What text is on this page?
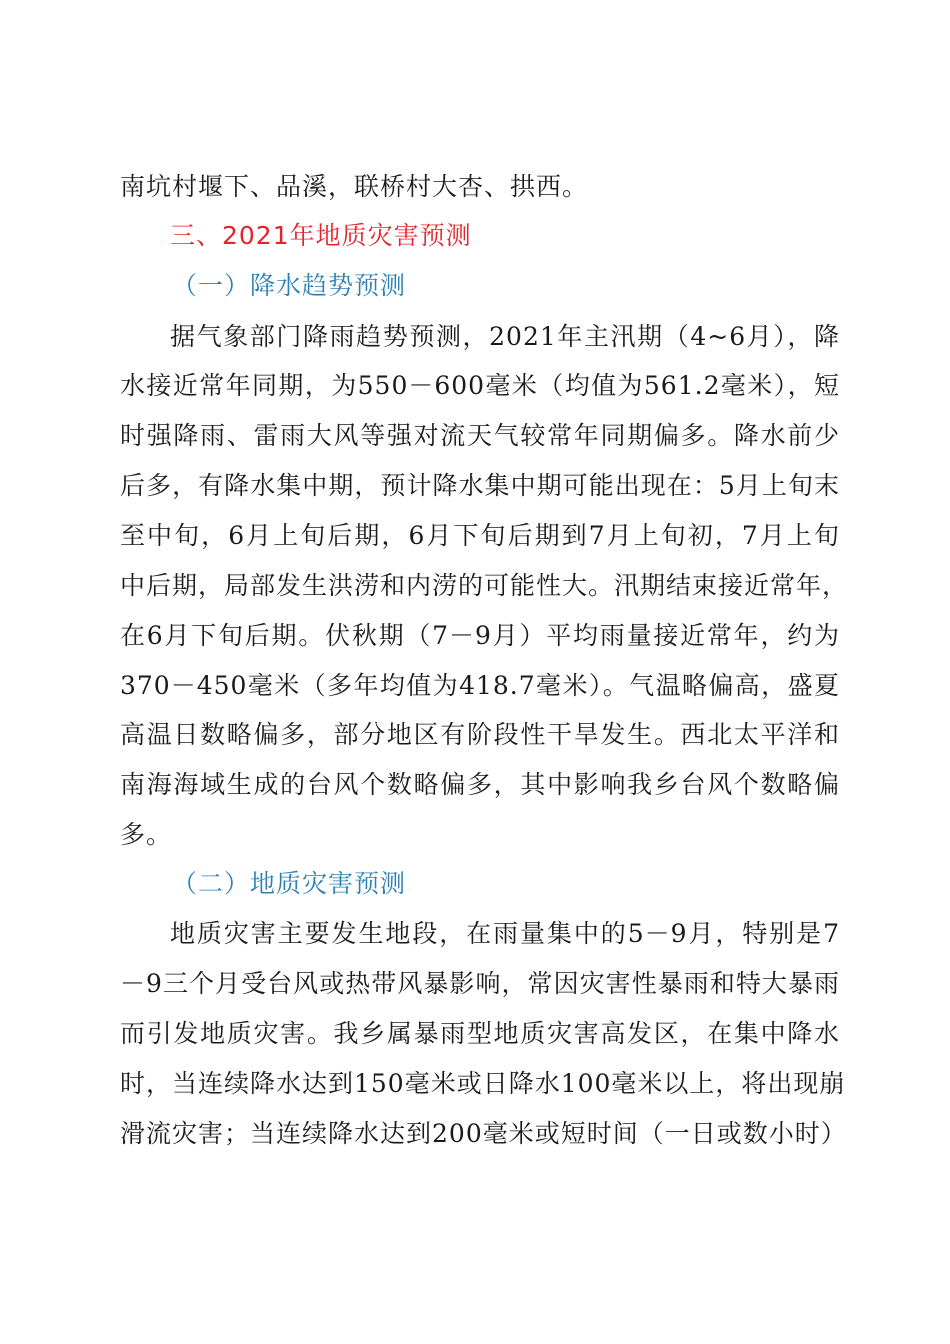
南坑村堰下、品溪，联桥村大杏、拱西。
三、2021年地质灾害预测
（一）降水趋势预测
据气象部门降雨趋势预测，2021年主汛期（4~6月），降
水接近常年同期，为550－600毫米（均值为561.2毫米），短
时强降雨、雷雨大风等强对流天气较常年同期偏多。降水前少
后多，有降水集中期，预计降水集中期可能出现在：5月上旬末
至中旬，6月上旬后期，6月下旬后期到7月上旬初，7月上旬
中后期，局部发生洪涝和内涝的可能性大。汛期结束接近常年，
在6月下旬后期。伏秋期（7－9月）平均雨量接近常年，约为
370－450毫米（多年均值为418.7毫米）。气温略偏高，盛夏
高温日数略偏多，部分地区有阶段性干旱发生。西北太平洋和
南海海域生成的台风个数略偏多，其中影响我乡台风个数略偏
多。
（二）地质灾害预测
地质灾害主要发生地段，在雨量集中的5－9月，特别是7
－9三个月受台风或热带风暴影响，常因灾害性暴雨和特大暴雨
而引发地质灾害。我乡属暴雨型地质灾害高发区，在集中降水
时，当连续降水达到150毫米或日降水100毫米以上，将出现崩
滑流灾害；当连续降水达到200毫米或短时间（一日或数小时）
